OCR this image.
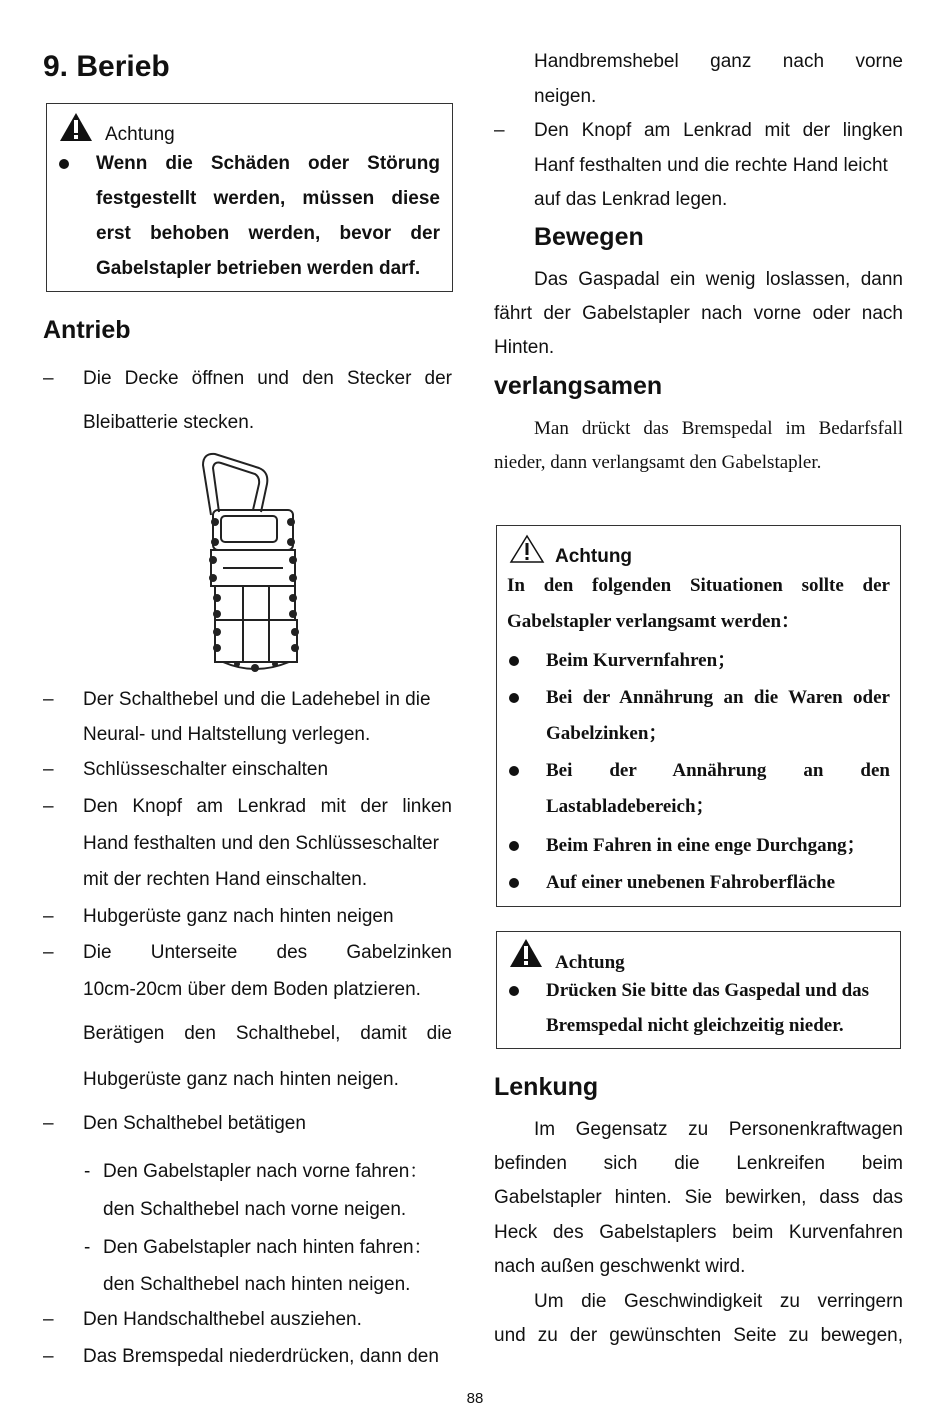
9. Berieb
Achtung
Wenn die Schäden oder Störung
festgestellt werden, müssen diese
erst behoben werden, bevor der
Gabelstapler betrieben werden darf.
Antrieb
– Die Decke öffnen und den Stecker der
Bleibatterie stecken.
– Der Schalthebel und die Ladehebel in die
Neural- und Haltstellung verlegen.
– Schlüsseschalter einschalten
– Den Knopf am Lenkrad mit der linken
Hand festhalten und den Schlüsseschalter
mit der rechten Hand einschalten.
– Hubgerüste ganz nach hinten neigen
– Die Unterseite des Gabelzinken
10cm-20cm über dem Boden platzieren.
Berätigen den Schalthebel, damit die
Hubgerüste ganz nach hinten neigen.
– Den Schalthebel betätigen
- Den Gabelstapler nach vorne fahren：
den Schalthebel nach vorne neigen.
- Den Gabelstapler nach hinten fahren：
den Schalthebel nach hinten neigen.
– Den Handschalthebel ausziehen.
– Das Bremspedal niederdrücken, dann den
Handbremshebel ganz nach vorne
neigen.
– Den Knopf am Lenkrad mit der lingken
Hanf festhalten und die rechte Hand leicht
auf das Lenkrad legen.
Bewegen
Das Gaspadal ein wenig loslassen, dann
fährt der Gabelstapler nach vorne oder nach
Hinten.
verlangsamen
Man drückt das Bremspedal im Bedarfsfall
nieder, dann verlangsamt den Gabelstapler.
Achtung
In den folgenden Situationen sollte der
Gabelstapler verlangsamt werden：
Beim Kurvernfahren；
Bei der Annährung an die Waren oder
Gabelzinken；
Bei der Annährung an den
Lastabladebereich；
Beim Fahren in eine enge Durchgang；
Auf einer unebenen Fahroberfläche
Achtung
Drücken Sie bitte das Gaspedal und das
Bremspedal nicht gleichzeitig nieder.
Lenkung
Im Gegensatz zu Personenkraftwagen
befinden sich die Lenkreifen beim
Gabelstapler hinten. Sie bewirken, dass das
Heck des Gabelstaplers beim Kurvenfahren
nach außen geschwenkt wird.
Um die Geschwindigkeit zu verringern
und zu der gewünschten Seite zu bewegen,
88
